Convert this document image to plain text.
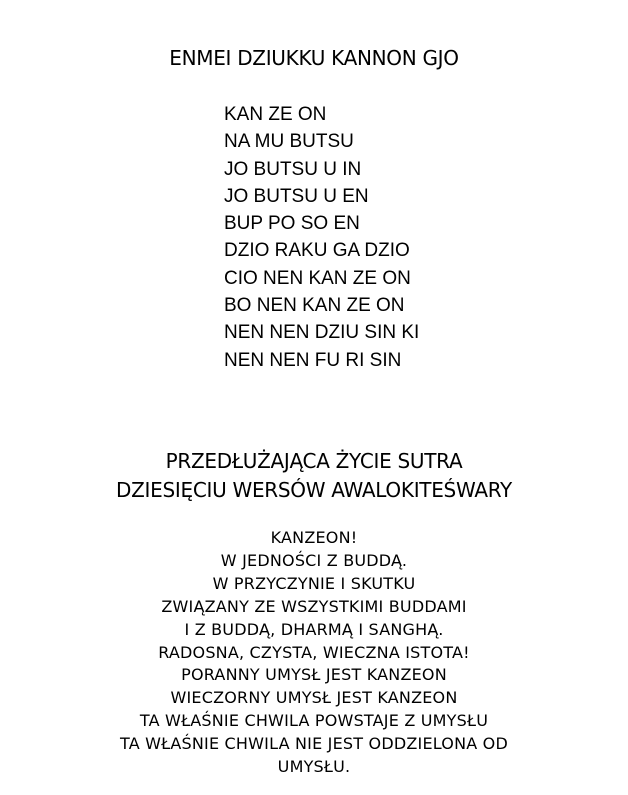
ENMEI DZIUKKU KANNON GJO
KAN ZE ON
NA MU BUTSU
JO BUTSU U IN
JO BUTSU U EN
BUP PO SO EN
DZIO RAKU GA DZIO
CIO NEN KAN ZE ON
BO NEN KAN ZE ON
NEN NEN DZIU SIN KI
NEN NEN FU RI SIN
PRZEDŁUŻAJĄCA ŻYCIE SUTRA
DZIESIĘCIU WERSÓW AWALOKITEŚWARY
KANZEON!
W JEDNOŚCI Z BUDDĄ.
W PRZYCZYNIE I SKUTKU
ZWIĄZANY ZE WSZYSTKIMI BUDDAMI
I Z BUDDĄ, DHARMĄ I SANGHĄ.
RADOSNA, CZYSTA, WIECZNA ISTOTA!
PORANNY UMYSŁ JEST KANZEON
WIECZORNY UMYSŁ JEST KANZEON
TA WŁAŚNIE CHWILA POWSTAJE Z UMYSŁU
TA WŁAŚNIE CHWILA NIE JEST ODDZIELONA OD
UMYSŁU.
